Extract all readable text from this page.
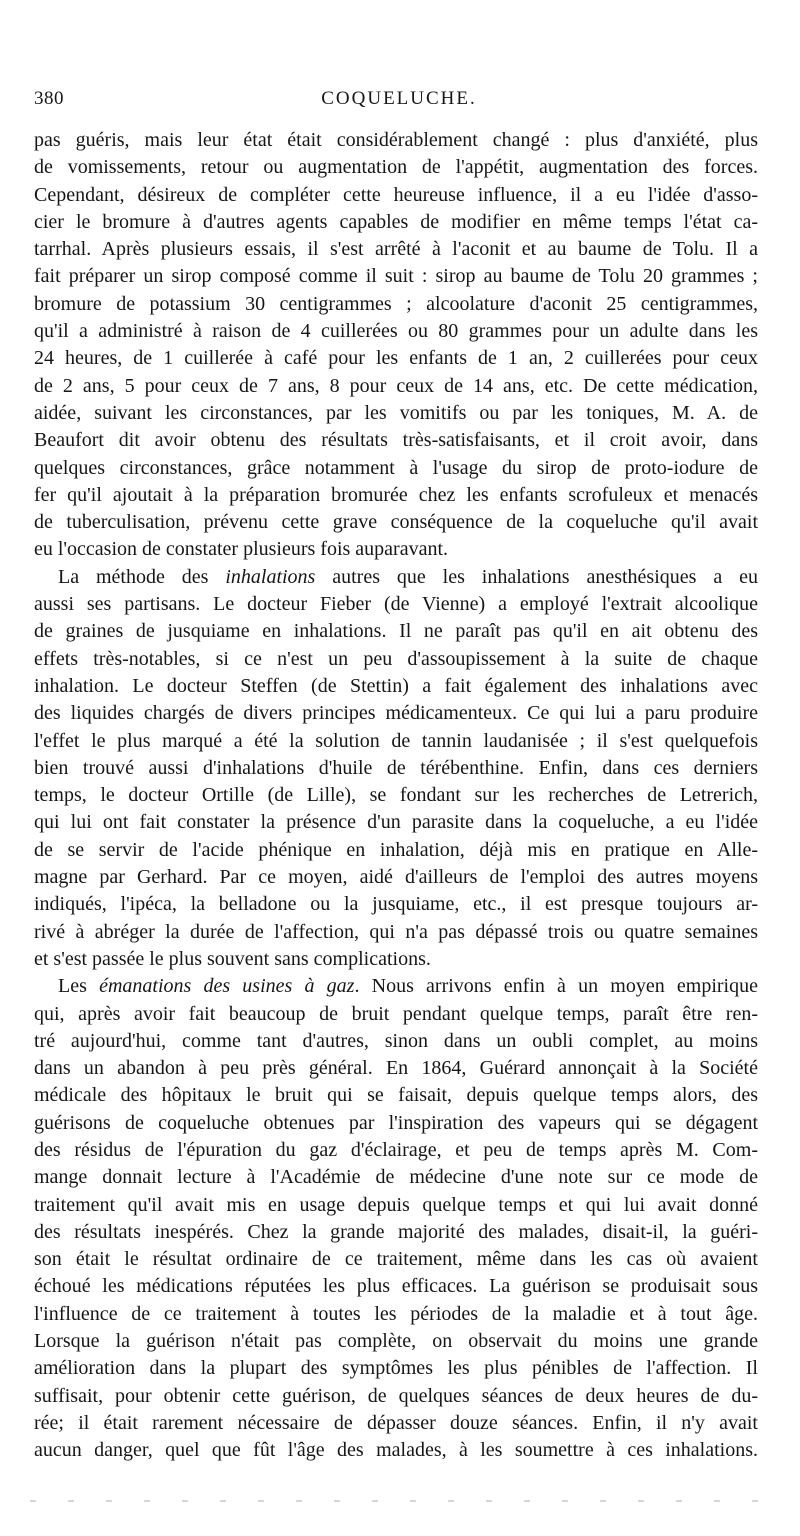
380	COQUELUCHE.
pas guéris, mais leur état était considérablement changé : plus d'anxiété, plus
de vomissements, retour ou augmentation de l'appétit, augmentation des forces.
Cependant, désireux de compléter cette heureuse influence, il a eu l'idée d'asso-
cier le bromure à d'autres agents capables de modifier en même temps l'état ca-
tarrhal. Après plusieurs essais, il s'est arrêté à l'aconit et au baume de Tolu. Il a
fait préparer un sirop composé comme il suit : sirop au baume de Tolu 20 grammes ;
bromure de potassium 30 centigrammes ; alcoolature d'aconit 25 centigrammes,
qu'il a administré à raison de 4 cuillerées ou 80 grammes pour un adulte dans les
24 heures, de 1 cuillerée à café pour les enfants de 1 an, 2 cuillerées pour ceux
de 2 ans, 5 pour ceux de 7 ans, 8 pour ceux de 14 ans, etc. De cette médication,
aidée, suivant les circonstances, par les vomitifs ou par les toniques, M. A. de
Beaufort dit avoir obtenu des résultats très-satisfaisants, et il croit avoir, dans
quelques circonstances, grâce notamment à l'usage du sirop de proto-iodure de
fer qu'il ajoutait à la préparation bromurée chez les enfants scrofuleux et menacés
de tuberculisation, prévenu cette grave conséquence de la coqueluche qu'il avait
eu l'occasion de constater plusieurs fois auparavant.
La méthode des inhalations autres que les inhalations anesthésiques a eu
aussi ses partisans. Le docteur Fieber (de Vienne) a employé l'extrait alcoolique
de graines de jusquiame en inhalations. Il ne paraît pas qu'il en ait obtenu des
effets très-notables, si ce n'est un peu d'assoupissement à la suite de chaque
inhalation. Le docteur Steffen (de Stettin) a fait également des inhalations avec
des liquides chargés de divers principes médicamenteux. Ce qui lui a paru produire
l'effet le plus marqué a été la solution de tannin laudanisée ; il s'est quelquefois
bien trouvé aussi d'inhalations d'huile de térébenthine. Enfin, dans ces derniers
temps, le docteur Ortille (de Lille), se fondant sur les recherches de Letrerich,
qui lui ont fait constater la présence d'un parasite dans la coqueluche, a eu l'idée
de se servir de l'acide phénique en inhalation, déjà mis en pratique en Alle-
magne par Gerhard. Par ce moyen, aidé d'ailleurs de l'emploi des autres moyens
indiqués, l'ipéca, la belladone ou la jusquiame, etc., il est presque toujours ar-
rivé à abréger la durée de l'affection, qui n'a pas dépassé trois ou quatre semaines
et s'est passée le plus souvent sans complications.
Les émanations des usines à gaz. Nous arrivons enfin à un moyen empirique
qui, après avoir fait beaucoup de bruit pendant quelque temps, paraît être ren-
tré aujourd'hui, comme tant d'autres, sinon dans un oubli complet, au moins
dans un abandon à peu près général. En 1864, Guérard annonçait à la Société
médicale des hôpitaux le bruit qui se faisait, depuis quelque temps alors, des
guérisons de coqueluche obtenues par l'inspiration des vapeurs qui se dégagent
des résidus de l'épuration du gaz d'éclairage, et peu de temps après M. Com-
mange donnait lecture à l'Académie de médecine d'une note sur ce mode de
traitement qu'il avait mis en usage depuis quelque temps et qui lui avait donné
des résultats inespérés. Chez la grande majorité des malades, disait-il, la guéri-
son était le résultat ordinaire de ce traitement, même dans les cas où avaient
échoué les médications réputées les plus efficaces. La guérison se produisait sous
l'influence de ce traitement à toutes les périodes de la maladie et à tout âge.
Lorsque la guérison n'était pas complète, on observait du moins une grande
amélioration dans la plupart des symptômes les plus pénibles de l'affection. Il
suffisait, pour obtenir cette guérison, de quelques séances de deux heures de du-
rée; il était rarement nécessaire de dépasser douze séances. Enfin, il n'y avait
aucun danger, quel que fût l'âge des malades, à les soumettre à ces inhalations.
